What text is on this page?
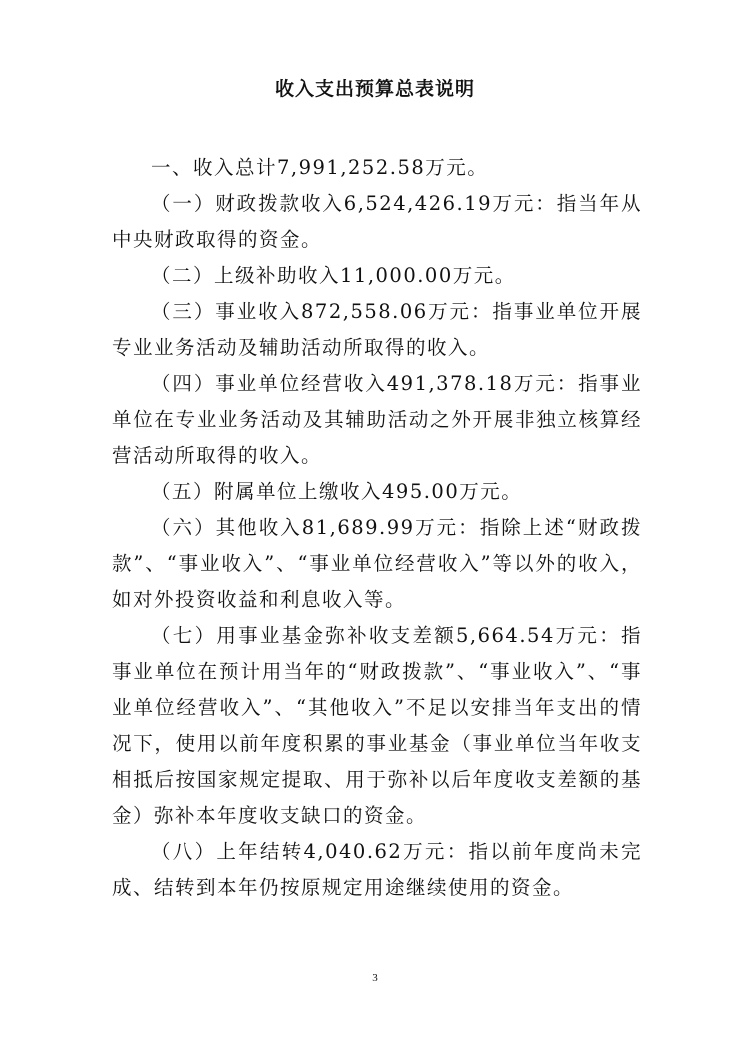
收入支出预算总表说明

一、收入总计7,991,252.58万元。

（一）财政拨款收入6,524,426.19万元：指当年从中央财政取得的资金。

（二）上级补助收入11,000.00万元。

（三）事业收入872,558.06万元：指事业单位开展专业业务活动及辅助活动所取得的收入。

（四）事业单位经营收入491,378.18万元：指事业单位在专业业务活动及其辅助活动之外开展非独立核算经营活动所取得的收入。

（五）附属单位上缴收入495.00万元。

（六）其他收入81,689.99万元：指除上述“财政拨款”、“事业收入”、“事业单位经营收入”等以外的收入，如对外投资收益和利息收入等。

（七）用事业基金弥补收支差额5,664.54万元：指事业单位在预计用当年的“财政拨款”、“事业收入”、“事业单位经营收入”、“其他收入”不足以安排当年支出的情况下，使用以前年度积累的事业基金（事业单位当年收支相抵后按国家规定提取、用于弥补以后年度收支差额的基金）弥补本年度收支缺口的资金。

（八）上年结转4,040.62万元：指以前年度尚未完成、结转到本年仍按原规定用途继续使用的资金。

3
